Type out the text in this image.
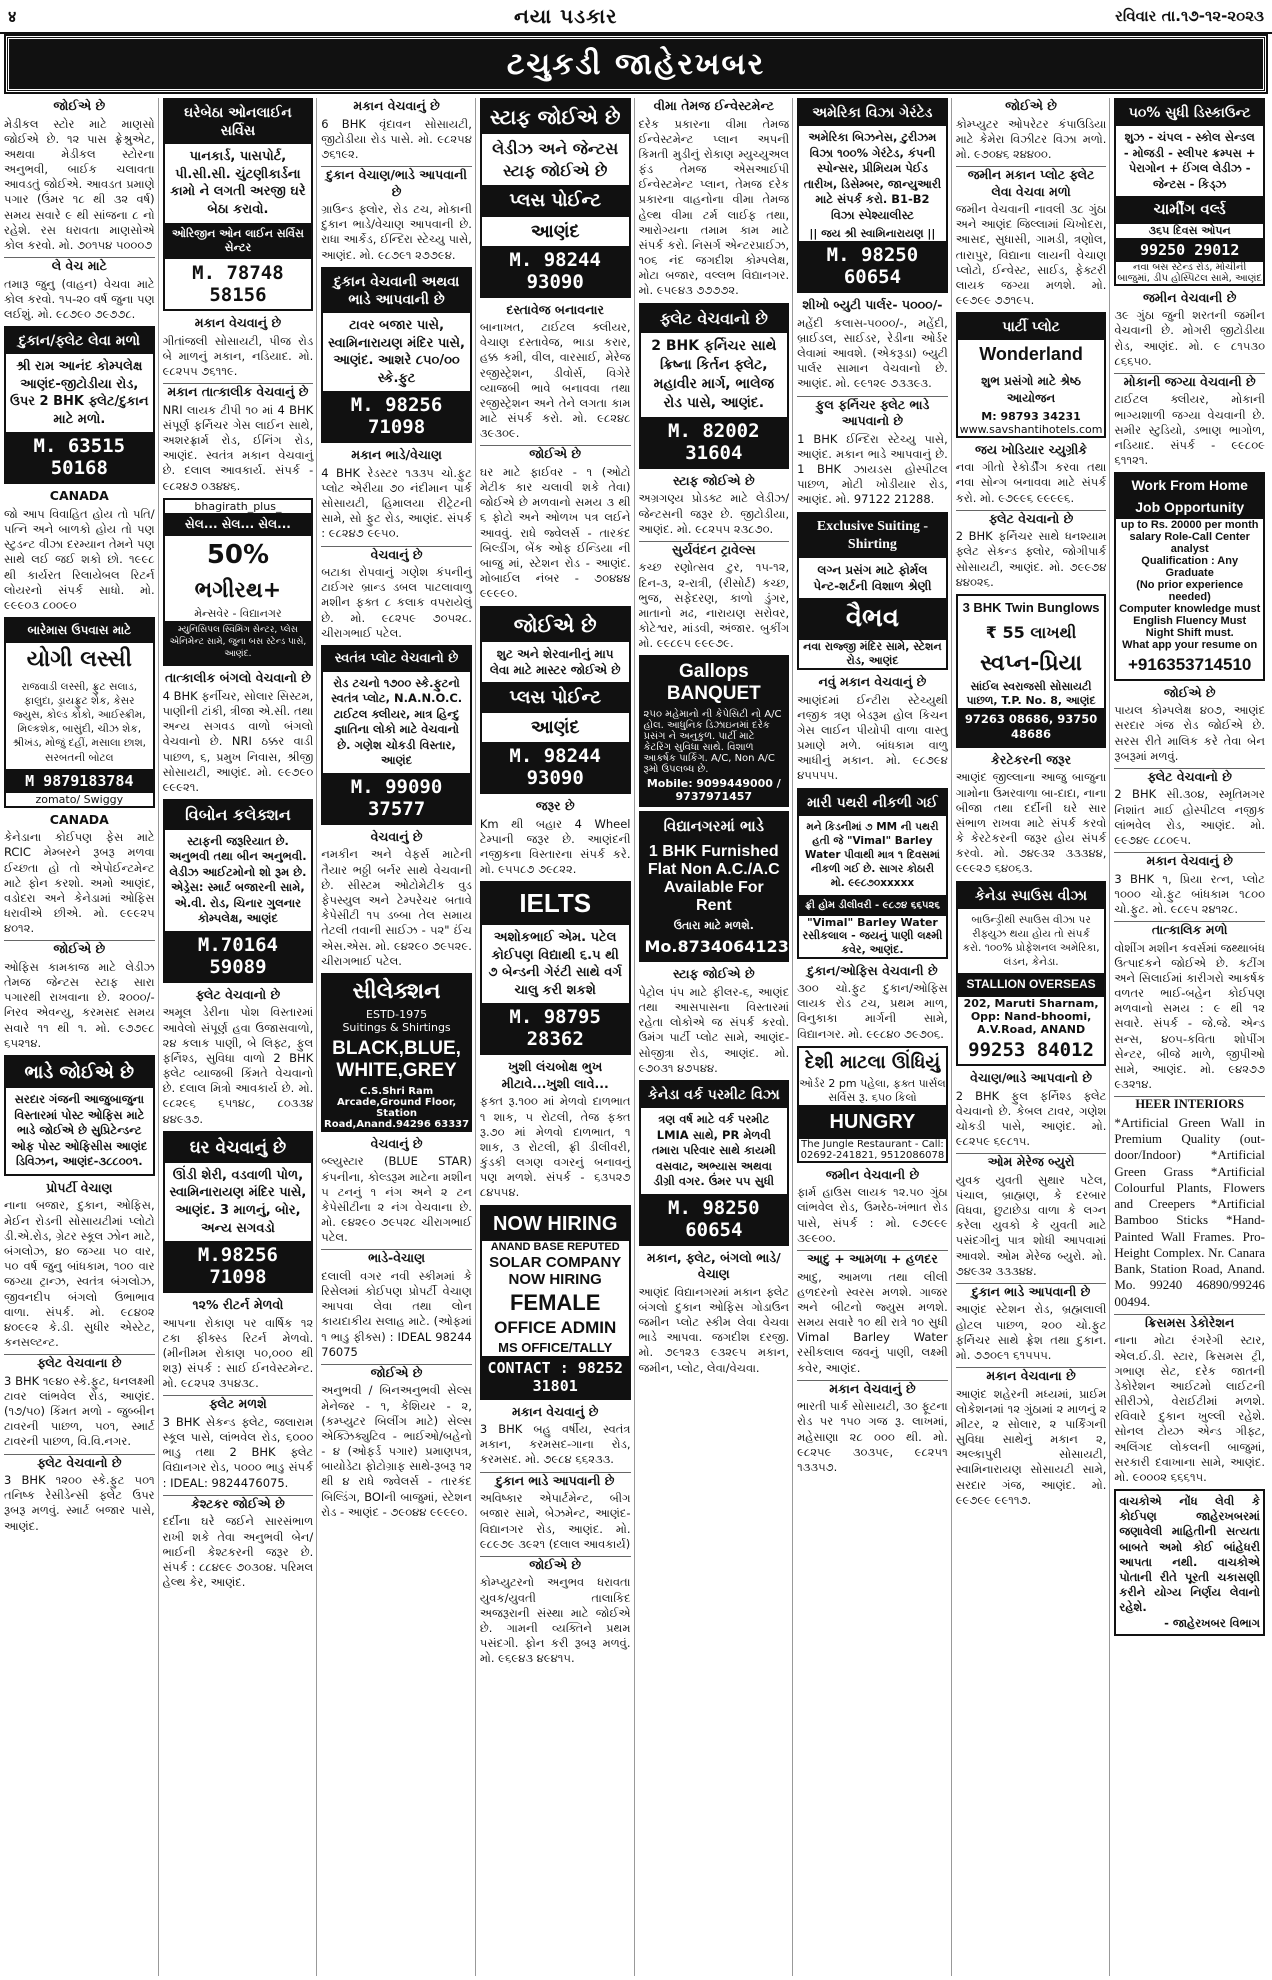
४	નયા પડકાર	રવિવાર તા.૧૭-૧૨-૨૦૨૩
ટચુકડી જાહેરખબર
જોઈએ છે
મેડીકલ સ્ટોર માટે માણસો જોઈએ છે. ૧૨ પાસ ફ્રેશ્રુએટ, અથવા મેડીકલ સ્ટોરના અનુભવી, બાઈક ચલાવતા આવડતું જોઈએ. આવડત પ્રમાણે પગાર (ઉંમર ૧૮ થી ૩૨ વર્ષ) સમય સવારે ૯ થી સાંજના ૮ નો રહેશે. રસ ધરાવતા માણસોએ કોલ કરવો. મો. ૭૦૧૫૪ ૫૦૦૦૭
લે વેચ માટે
તમારૂ જુનુ (વાહન) વેચવા માટે કોલ કરવો. ૧૫-૨૦ વર્ષ જુના પણ લઈશું. મો. ૯૮૭૯૦ ૭૯૭૭૮.
દુકાન/ફ્લેટ લેવા મળો
શ્રી રામ આનંદ કોમ્પલેક્ષ આણંદ-જીટોડીયા રોડ, ઉપર 2 BHK ફ્લેટ/દુકાન માટે મળો.
M. 63515 50168
CANADA
જો આપ વિવાહિત હોય તો પતિ/પત્નિ અને બાળકો હોય તો પણ સ્ટુડન્ટ વીઝા દરમ્યાન તેમને પણ સાથે લઈ જઈ શકો છો. ૧૯૯૮ થી કાર્યરત રિલાયેબલ રિટર્ન લોયરનો સંપર્ક સાધો. મો. ૯૯૯૦૩ ૮૦૦૯૦
બારેમાસ ઉપવાસ માટે
યોગી લસ્સી
રાજવાડી લસ્સી, ફ્રુટ સલાડ, ફાલુદા, ડ્રાયફ્રુટ શેક, કેસર જ્યુસ, કોલ્ડ કોકો, આઈસ્ક્રીમ, મિલ્કશેક, બાસુંદી, ચીઝ શેક, શ્રીખંડ, મોજું દહીં, મસાલા છાશ, સરબતની બોટલ
M 9879183784
zomato/ Swiggy
CANADA
કેનેડાના કોઈપણ ફેસ માટે RCIC મેમ્બરને રૂબરૂ મળવા ઈચ્છતા હો તો એપોઈન્ટમેન્ટ માટે ફોન કરશો. અમો આણંદ, વડોદરા અને કેનેડામાં ઓફિસ ધરાવીએ છીએ. મો. ૯૯૯૨૫ ૪૦૧૨.
જોઈએ છે
ઓફિસ કામકાજ માટે લેડીઝ તેમજ જેન્ટસ સ્ટાફ સારા પગારથી રાખવાના છે. ૨૦૦૦/- નિરવ એવન્યુ, કરમસદ સમય સવારે ૧૧ થી ૧. મો. ૯૭૭૯૮ ૬૫૨૧૪.
ભાડે જોઈએ છે
સરદાર ગંજની આજુબાજુના વિસ્તારમાં પોસ્ટ ઓફિસ માટે ભાડે જોઈએ છે સુપ્રિટેન્ડન્ટ ઓફ પોસ્ટ ઓફિસીસ આણંદ ડિવિઝન, આણંદ-૩૮૮૦૦૧.
પ્રોપર્ટી વેચાણ
નાના બજાર, દુકાન, ઓફિસ, મેઈન રોડની સોસાયટીમાં પ્લોટો ડી.એ.રોડ, ગ્રેટર સ્કૂલ ઝોન માટે, બંગલોઝ, ૪૦ જગ્યા ૫૦ વાર, ૫૦ વર્ષ જુનુ બાંધકામ, ૧૦૦ વાર જગ્યા ટ્રાન્ઝ, સ્વતંત્ર બંગલોઝ, જીવનદીપ બંગલો ઉભાભાવ વાળા. સંપર્ક. મો. ૯૮૪૦૨ ૪૦૯૯૨ કે.ડી. સુધીર એસ્ટેટ, કનસલ્ટન્ટ.
ફ્લેટ વેચવાના છે
3 BHK ૧૯૪૦ સ્કે.ફુટ, ધનલક્ષ્મી ટાવર લાંભવેલ રોડ, આણંદ. (૧૭/૫૦) કિંમત મળો - જુબ્બીન ટાવરની પાછળ, ૫૦૧, સ્માર્ટ ટાવરની પાછળ, વિ.વિ.નગર.
ફ્લેટ વેચવાનો છે
3 BHK ૧૨૦૦ સ્કે.ફુટ ૫૦૧ તનિષ્ક રેસીડેન્સી ફ્લેટ ઉપર રૂબરૂ મળવું. સ્માર્ટ બજાર પાસે, આણંદ.
ઘરેબેઠા ઓનલાઈન સર્વિસ
પાનકાર્ડ, પાસપોર્ટ, પી.સી.સી. ચુંટણીકાર્ડના કામો ને લગતી અરજી ઘરે બેઠા કરાવો.
ઓરિજીન ઓન લાઈન સર્વિસ સેન્ટર
M. 78748 58156
મકાન વેચવાનું છે
ગીતાંજલી સોસાયટી, પીજ રોડ બે માળનું મકાન, નડિયાદ. મો. ૯૮૨૫૫ ૭૬૧૧૯.
મકાન તાત્કાલીક વેચવાનું છે
NRI લાયક ટીપી ૧૦ માં 4 BHK સંપૂર્ણ ફર્નિચર ગેસ લાઈન સાથે, અશરફ્રાર્મ રોડ, ઈનિંગ રોડ, આણંદ. સ્વતંત્ર મકાન વેચવાનું છે. દલાલ આવકાર્ય. સંપર્ક - ૯૮૨૪૭ ૦૩૪૪૬.
bhagirath_plus_
સેલ... સેલ... સેલ...
50%
ભગીરથ+
મેન્સવેર - વિદ્યાનગર
મ્યુનિસિપલ સ્વિમિંગ સેન્ટર, પ્લેસ એનિમેન્ટ સામે, જુના બસ સ્ટેન્ડ પાસે, આણંદ.
તાત્કાલીક બંગલો વેચવાનો છે
4 BHK ફર્નીચર, સોલાર સિસ્ટમ, પાણીની ટાંકી, ત્રીજા એ.સી. તથા અન્ય સગવડ વાળો બંગલો વેચવાનો છે. NRI ઠક્કર વાડી પાછળ, ૬, પ્રમુખ નિવાસ, શ્રીજી સોસાયટી, આણંદ. મો. ૯૯૭૯૦ ૯૯૯૨૧.
વિબોન કલેક્શન
સ્ટાફની જરૂરિયાત છે. અનુભવી તથા બીન અનુભવી. લેડીઝ આઈટમોનો શો રૂમ છે. એડ્રેસ: સ્માર્ટ બજારની સામે, એ.વી. રોડ, ચિનાર ગુલનાર કોમ્પલેક્ષ, આણંદ
M.70164 59089
ફ્લેટ વેચવાનો છે
અમૂલ ડેરીના પોશ વિસ્તારમાં આવેલો સંપૂર્ણ હવા ઉજાસવાળો, ૨૪ કલાક પાણી, બે લિફ્ટ, ફુલ ફર્નિશ્ડ, સુવિધા વાળો 2 BHK ફ્લેટ વ્યાજબી કિંમતે વેચવાનો છે. દલાલ મિત્રો આવકાર્ય છે. મો. ૯૮૨૯૬ ૬૫૧૪૮, ૮૦૩૩૪ ૪૪૯૩૭.
ઘર વેચવાનું છે
ઊંડી શેરી, વડવાળી પોળ, સ્વામિનારાયણ મંદિર પાસે, આણંદ. 3 માળનું, બોર, અન્ય સગવડો
M.98256 71098
૧૨% રીટર્ન મેળવો
આપના રોકાણ પર વાર્ષિક ૧૨ ટકા ફીક્સ્ડ રિટર્ન મેળવો. (મીનીમમ રોકાણ ૫૦,૦૦૦ થી શરૂ) સંપર્ક : સાઈ ઈનવેસ્ટમેન્ટ. મો. ૯૮૨૫૨ ૩૫૪૩૮.
ફ્લેટ મળશે
3 BHK સેકન્ડ ફ્લેટ, જલારામ સ્કૂલ પાસે, લાંભવેલ રોડ, ૬૦૦૦ ભાડુ તથા 2 BHK ફ્લેટ વિદ્યાનગર રોડ, ૫૦૦૦ ભાડુ સંપર્ક : IDEAL: 9824476075.
કેશ્ટકર જોઈએ છે
દર્દીના ઘરે જઈને સારસંભાળ રાખી શકે તેવા અનુભવી બેન/ ભાઈની કેશ્ટકરની જરૂર છે. સંપર્ક : ૮૮૪૯૯ ૭૦૩૦૪. પરિમલ હેલ્થ કેર, આણંદ.
મકાન વેચવાનું છે
6 BHK વૃંદાવન સોસાયટી, જીટોડીયા રોડ પાસે. મો. ૯૮૨૫૪ ૭૬૧૯૨.
દુકાન વેચાણ/ભાડે આપવાની છે
ગ્રાઉન્ડ ફ્લોર, રોડ ટચ, મોકાની દુકાન ભાડે/વેચાણ આપવાની છે. રાધા આર્કેડ, ઈન્દિરા સ્ટેચ્યુ પાસે, આણંદ. મો. ૯૮૭૯૧ ૨૭૭૯૪.
દુકાન વેચવાની અથવા ભાડે આપવાની છે
ટાવર બજાર પાસે, સ્વામિનારાયણ મંદિર પાસે, આણંદ. આશરે ૮૫૦/૦૦ સ્કે.ફુટ
M. 98256 71098
મકાન ભાડે/વેચાણ
4 BHK રેડસ્ટર ૧૩૩૫ ચો.ફુટ પ્લોટ એરીયા ૭૦ નંદીમાન પાર્ક સોસાયટી, હિમાલયા રીટ્રેટની સામે, સો ફુટ રોડ, આણંદ. સંપર્ક : ૯૮૨૪૭ ૯૯૫૦.
વેચવાનું છે
બટાકા રોપવાનું ગણેશ કંપનીનું ટાઈગર બ્રાન્ડ ડબલ પાટલાવાળુ મશીન ફક્ત ૮ કલાક વપરાયેલું છે. મો. ૯૮૨૫૯ ૭૦૫૨૮. ચીરાગભાઈ પટેલ.
સ્વતંત્ર પ્લોટ વેચવાનો છે
રોડ ટચનો ૧૭૦૦ સ્કે.ફુટનો સ્વતંત્ર પ્લોટ, N.A.N.O.C. ટાઈટલ ક્લીયર, માત્ર હિન્દુ જ્ઞાતિના લોકો માટે વેચવાનો છે. ગણેશ ચોકડી વિસ્તાર, આણંદ
M. 99090 37577
વેચવાનું છે
નમકીન અને વેફર્સ માટેની તૈયાર ભઠ્ઠી બર્નર સાથે વેચવાની છે. સીસ્ટમ ઓટોમેટીક વુડ ફેપસ્યુલ અને ટેમ્પરેચર બતાવે કેપેસીટી ૧૫ ડબ્બા તેલ સમાય તેટલી તવાની સાઈઝ - ૫૨" ઈંચ એસ.એસ. મો. ૯૪૨૯૦ ૭૯૫૨૯. ચીરાગભાઈ પટેલ.
સીલેક્શન
ESTD-1975
Suitings & Shirtings
BLACK,BLUE, WHITE,GREY
C.S.Shri Ram Arcade,Ground Floor, Station Road,Anand.94296 63337
વેચવાનું છે
બ્લ્યુસ્ટાર (BLUE STAR) કંપનીના, કોલ્ડરૂમ માટેના મશીન ૫ ટનનું ૧ નંગ અને ૨ ટન કેપેસીટીના ૨ નંગ વેચવાના છે. મો. ૯૪૨૯૦ ૭૯૫૨૮ ચીરાગભાઈ પટેલ.
ભાડે-વેચાણ
દલાલી વગર નવી સ્કીમમાં કે રિસેલમાં કોઈપણ પ્રોપર્ટી વેચાણ આપવા લેવા તથા લોન કાયદાકીય સલાહ માટે. (ઓફમાં ૧ ભાડુ ફીક્સ) : IDEAL 98244 76075
જોઈએ છે
અનુભવી / બિનઅનુભવી સેલ્સ મેનેજર - ૧, કેશિયર - ૨, (કમ્પ્યુટર બિલીંગ માટે) સેલ્સ એક્ઝિક્યુટિવ - ભાઈઓ/બહેનો - ૪ (ઓફર્ડ પગાર) પ્રમાણપત્ર, બાયોડેટા ફોટોગ્રાફ સાથે-રૂબરૂ ૧૨ થી ૪ રાધે જ્વેલર્સ - તારકંદ બિલ્ડિંગ, BOIની બાજુમાં, સ્ટેશન રોડ - આણંદ - ૭૯૦૪૪ ૯૯૯૯૦.
સ્ટાફ જોઈએ છે
લેડીઝ અને જેન્ટસ સ્ટાફ જોઈએ છે
પ્લસ પોઈન્ટ
આણંદ
M. 98244 93090
દસ્તાવેજ બનાવનાર
બાનાખત, ટાઈટલ ક્લીયર, વેચાણ દસ્તાવેજ, ભાડા કરાર, હક્ક કમી, વીલ, વારસાઈ, મેરેજ રજીસ્ટ્રેશન, ડીવોર્સ, વિગેરે વ્યાજબી ભાવે બનાવવા તથા રજીસ્ટ્રેશન અને તેને લગતા કામ માટે સંપર્ક કરો. મો. ૯૮૨૪૮ ૩૯૩૦૯.
જોઈએ છે
ઘર માટે ફાઈવર - ૧ (ઓટો મેટીક કાર ચલાવી શકે તેવા) જોઈએ છે મળવાનો સમય ૩ થી ૬ ફોટો અને ઓળખ પત્ર લઈને આવવું. રાધે જ્વેલર્સ - તારકંદ બિલ્ડીંગ, બેંક ઓફ ઈન્ડિયા ની બાજુ માં, સ્ટેશન રોડ - આણંદ. મોબાઈલ નંબર - ૭૦૪૪૪ ૯૯૯૯૦.
જોઈએ છે
શુટ અને શેરવાનીનું માપ લેવા માટે માસ્ટર જોઈએ છે
પ્લસ પોઈન્ટ
આણંદ
M. 98244 93090
જરૂર છે
Km થી બહાર 4 Wheel ટેમ્પાની જરૂર છે. આણંદની નજીકના વિસ્તારના સંપર્ક કરે. મો. ૯૫૫૮૭ ૭૯૮૨૨.
IELTS
અશોકભાઈ એમ. પટેલ કોઈપણ વિદ્યાથી ૬.૫ થી ૭ બેન્ડની ગેરંટી સાથે વર્ગ ચાલુ કરી શકશે
M. 98795 28362
ખુશી લંચબોક્ષ ભુખ મીટાવે...ખુશી લાવે...
ફક્ત રૂ.૧૦૦ માં મેળવો દાળભાત ૧ શાક, ૫ રોટલી, તેજ ફક્ત રૂ.૭૦ માં મેળવો દાળભાત, ૧ શાક, ૩ રોટલી, ફ્રી ડીલીવરી, કુંડકી લગણ વગરનું બનાવનું પણ મળશે. સંપર્ક - ૬૩૫૨૭ ૮૪૫૫૪.
NOW HIRING
ANAND BASE REPUTED
SOLAR COMPANY NOW HIRING
FEMALE
OFFICE ADMIN
MS OFFICE/TALLY
CONTACT : 98252 31801
મકાન વેચવાનું છે
3 BHK બહુ વર્ષીય, સ્વતંત્ર મકાન, કરમસદ-ગાના રોડ, કરમસદ. મો. ૭૯૮૪ ૬૬૨૩૩.
દુકાન ભાડે આપવાની છે
અવિષ્કાર એપાર્ટમેન્ટ, બીગ બજાર સામે, બેઝમેન્ટ, આણંદ-વિદ્યાનગર રોડ, આણંદ. મો. ૯૮૯૭૯ ૩૯૨૧ (દલાલ આવકાર્ય)
જોઈએ છે
કોમ્પ્યુટરનો અનુભવ ધરાવતા યુવક/યુવતી તાલાકિદ અજરૂરાની સંસ્થા માટે જોઈએ છે. ગામની વ્યક્તિને પ્રથમ પસંદગી. ફોન કરી રૂબરૂ મળવું. મો. ૯૬૯૪૩ ૪૯૪૧૫.
વીમા તેમજ ઈન્વેસ્ટમેન્ટ
દરેક પ્રકારના વીમા તેમજ ઈન્વેસ્ટમેન્ટ પ્લાન અપની કિમતી મુડીનું રોકાણ મ્યુચ્યુઅલ ફંડ તેમજ એસઆઈપી ઈન્વેસ્ટમેન્ટ પ્લાન, તેમજ દરેક પ્રકારના વાહનોના વીમા તેમજ હેલ્થ વીમા ટર્મ લાઈફ તથા, આરોગ્યના તમામ કામ માટે સંપર્ક કરો. નિસર્ગ એન્ટરપ્રાઈઝ, ૧૦૬ નંદ જગદીશ કોમ્પલેક્ષ, મોટા બજાર, વલ્લભ વિદ્યાનગર. મો. ૯૫૯૪૩ ૭૭૭૭૨.
ફ્લેટ વેચવાનો છે
2 BHK ફર્નિચર સાથે ક્રિષ્ના કિર્તન ફ્લેટ, મહાવીર માર્ગ, ભાલેજ રોડ પાસે, આણંદ.
M. 82002 31604
સ્ટાફ જોઈએ છે
અગ્રગણ્ય પ્રોડક્ટ માટે લેડીઝ/જેન્ટસની જરૂર છે. જીટોડીયા, આણંદ. મો. ૯૮૨૫૫ ૨૩૮૭૦.
સુર્યવંદન ટ્રાવેલ્સ
કચ્છ રણોત્સવ ટુર, ૧૫-૧૨, દિન-૩, ૨-રાત્રી, (રીસોર્ટ) કચ્છ, ભુજ, સફેદરણ, કાળો ડુંગર, માતાનો મઢ, નારાયણ સરોવર, કોટેશ્વર, માંડવી, અંજાર. બુકીંગ મો. ૯૯૮૯૫ ૯૯૯૭૯.
Gallops BANQUET
૨૫૦ મહેમાનો ની કેપેસિટી નો A/C હોલ. આધુનિક ડિઝાઇનમાં દરેક પ્રસંગ ને અનુકુળ. પાર્ટી માટે કેટરિંગ સુવિધા સાથે. વિશાળ આકર્ષક પાર્કિંગ. A/C, Non A/C રૂમો ઉપલબ્ધ છે.
Mobile: 9099449000 / 9737971457
વિદ્યાનગરમાં ભાડે
1 BHK Furnished Flat Non A.C./A.C Available For Rent
ઉતારા માટે મળશે.
Mo.8734064123
સ્ટાફ જોઈએ છે
પેટ્રોલ પંપ માટે ફીલર-૬, આણંદ તથા આસપાસના વિસ્તારમાં રહેતા લોકોએ જ સંપર્ક કરવો. ઉમંગ પાર્ટી પ્લોટ સામે, આણંદ-સોજીત્રા રોડ, આણંદ. મો. ૯૭૦૩૧ ૪૭૫૪૪.
કેનેડા વર્ક પરમીટ વિઝા
ત્રણ વર્ષ માટે વર્ક પરમીટ LMIA સાથે, PR મેળવી તમારા પરિવાર સાથે કાયમી વસવાટ, અભ્યાસ અથવા ડીગ્રી વગર. ઉંમર ૫૫ સુધી
M. 98250 60654
મકાન, ફ્લેટ, બંગલો ભાડે/વેચાણ
આણંદ વિદ્યાનગરમાં મકાન ફ્લેટ બંગલો દુકાન ઓફિસ ગોડાઉન જમીન પ્લોટ સ્કીમ લેવા વેચવા ભાડે આપવા. જગદીશ દરજી. મો. ૭૯૧૨૩ ૯૩૨૯૫ મકાન, જમીન, પ્લોટ, લેવા/વેચવા.
અમેરિકા વિઝા ગેરંટેડ
અમેરિકા બિઝનેસ, ટુરીઝમ વિઝા ૧૦૦% ગેરંટેડ, કંપની સ્પોન્સર, પ્રીમિયમ પેઈડ તારીખ, ડિસેમ્બર, જાન્યુઆરી માટે સંપર્ક કરો. B1-B2 વિઝા સ્પેશ્યાલીસ્ટ
|| જય શ્રી સ્વામિનારાયણ ||
M. 98250 60654
શીખો બ્યુટી પાર્લર- ૫૦૦૦/-
મહેંદી કલાસ-૫૦૦૦/-, મહેંદી, બ્રાઈડલ, સાઈડર, રેડીના ઓર્ડર લેવામાં આવશે. (એકરૂડા) બ્યુટી પાર્લર સામાન વેચવાનો છે. આણંદ. મો. ૯૯૧૨૯ ૭૩૩૯૩.
ફુલ ફર્નિચર ફ્લેટ ભાડે આપવાનો છે
1 BHK ઈન્દિરા સ્ટેચ્યુ પાસે, આણંદ. મકાન ભાડે આપવાનું છે. 1 BHK ઝાયડસ હોસ્પીટલ પાછળ, મોટી ખોડીયાર રોડ, આણંદ. મો. 97122 21288.
Exclusive Suiting - Shirting
લગ્ન પ્રસંગ માટે ફોર્મલ પેન્ટ-શર્ટની વિશાળ શ્રેણી
વૈભવ
નવા રાજ્જી મંદિર સામે, સ્ટેશન રોડ, આણંદ
નવું મકાન વેચવાનું છે
આણંદમાં ઈન્ટીરા સ્ટેચ્યુથી નજીક ત્રણ બેડરૂમ હોલ કિચન ગેસ લાઈન પીયોપી વાળા વાસ્તુ પ્રમાણે મળે. બાંધકામ વાળુ આધીનું મકાન. મો. ૯૮૭૯૪ ૪૫૫૫૫.
મારી પથરી નીકળી ગઈ
મને કિડનીમાં ૭ MM ની પથરી હતી જે "Vimal" Barley Water પીવાથી માત્ર ૧ દિવસમાં નીકળી ગઈ છે. સાગર કોઠારી મો. ૯૯૮૭૦xxxxx
ફ્રી હોમ ડીલીવરી - ૯૮૭૪ ૬૬૫૨૬
"Vimal" Barley Water રસીકલાલ - જયનું પાણી લક્ષ્મી કવેર, આણંદ.
દુકાન/ઓફિસ વેચવાની છે
૩૦૦ ચો.ફુટ દુકાન/ઓફિસ લાયક રોડ ટચ, પ્રથમ માળ, વિનુકાકા માર્ગની સામે, વિદ્યાનગર. મો. ૯૯૮૪૦ ૭૯૭૦૬.
દેશી માટલા ઊંધિયું
ઓર્ડર 2 pm પહેલા, ફક્ત પાર્સલ સર્વિસ રૂ. ૬૫૦ કિલો
HUNGRY
The Jungle Restaurant - Call: 02692-241821, 9512086078
જમીન વેચવાની છે
ફાર્મ હાઉસ લાયક ૧૨.૫૦ ગુંઠા લાંભવેલ રોડ, ઉમરેઠ-ખંભાત રોડ પાસે, સંપર્ક : મો. ૯૭૯૯૯ ૩૯૯૦૦.
આદુ + આમળા + હળદર
આદુ, આમળા તથા લીલી હળદરનો સ્વરસ મળશે. ગાજર અને બીટનો જ્યુસ મળશે. સમય સવારે ૧૦ થી રાત્રે ૧૦ સુધી Vimal Barley Water રસીકલાલ જવનું પાણી, લક્ષ્મી કવેર, આણંદ.
મકાન વેચવાનું છે
ભારતી પાર્ક સોસાયટી, ૩૦ ફૂટના રોડ પર ૧૫૦ ગજ રૂ. લાખમાં, મહેસાણા ૨૮ ૦૦૦ થી. મો. ૯૮૨૫૯ ૩૦૩૫૯, ૯૮૨૫૧ ૧૩૩૫૭.
જોઈએ છે
કોમ્પ્યુટર ઓપરેટર કંપાઉડિયા માટે કેમેરા વિઝીટર વિઝા મળો. મો. ૯૭૦૪૬ ૨૪૪૦૦.
જમીન મકાન પ્લોટ ફ્લેટ લેવા વેચવા મળો
જમીન વેચવાની નાવલી ૩૮ ગુંઠા અને આણંદ જિલ્લામાં ચિખોદરા, આસદ, સુધાસી, ગામડી, ત્રણોલ, તારાપુર, વિદ્યાના લાયની વેચાણ પ્લોટો, ઈન્વેસ્ટ, સાઈડ, ફેક્ટરી લાયક જગ્યા મળશે. મો. ૯૯૭૯૯ ૭૭૧૯૫.
પાર્ટી પ્લોટ
Wonderland
શુભ પ્રસંગો માટે શ્રેષ્ઠ આયોજન
M: 98793 34231
www.savshantihotels.com
જય ખોડિયાર ચ્યુગ્રીકે
નવા ગીતો રેકોર્ડીંગ કરવા તથા નવા સોન્ગ બનાવવા માટે સંપર્ક કરો. મો. ૯૭૯૯૬ ૯૯૯૯૬.
ફ્લેટ વેચવાનો છે
2 BHK ફર્નિચર સાથે ધનશ્યામ ફ્લેટ સેકન્ડ ફ્લોર, જોગીપાર્ક સોસાયટી, આણંદ. મો. ૭૯૯૭૪ ૪૪૦૨૬.
3 BHK Twin Bunglows
₹ 55 લાખથી
સ્વપ્ન-પ્રિયા
સાંઈલ સ્વરાજસી સોસાયટી પાછળ, T.P. No. 8, આણંદ
97263 08686, 93750 48686
કેરટેકરની જરૂર
આણંદ જીલ્લાના આજુ બાજુના ગામોના ઉમરવાળા બા-દાદા, નાના બીજા તથા દર્દીની ઘરે સાર સંભાળ રાખવા માટે સંપર્ક કરવો કે કેરટેકરની જરૂર હોય સંપર્ક કરવો. મો. ૭૪૯૩૨ ૩૩૩૪૪, ૯૯૯૨૭ ૬૪૦૬૩.
કેનેડા સ્પાઉસ વીઝા
બાઉન્ડ્રીથી સ્પાઉસ વીઝા પર રીફ્યુઝ થયા હોય તો સંપર્ક કરો. ૧૦૦% પ્રોફેશનલ અમેરિકા, લંડન, કેનેડા.
STALLION OVERSEAS
202, Maruti Sharnam, Opp: Nand-bhoomi, A.V.Road, ANAND
99253 84012
વેચાણ/ભાડે આપવાનો છે
2 BHK ફુલ ફર્નિશ્ડ ફ્લેટ વેચવાનો છે. કેબલ ટાવર, ગણેશ ચોકડી પાસે, આણંદ. મો. ૯૮૨૫૯ ૬૯૮૧૫.
ઓમ મેરેજ બ્યુરો
યુવક યુવતી સુથાર પટેલ, પંચાલ, બ્રાહ્મણ, કે દરબાર વિધવા, છુટાછેડા વાળા કે લગ્ન કરેલા યુવકો કે યુવતી માટે પસંદગીનું પાત્ર શોધી આપવામાં આવશે. ઓમ મેરેજ બ્યુરો. મો. ૭૪૯૩૨ ૩૩૩૪૪.
દુકાન ભાડે આપવાની છે
આણંદ સ્ટેશન રોડ, બ્રહ્મલાલી હોટલ પાછળ, ૨૦૦ ચો.ફુટ ફર્નિચર સાથે ફ્રેશ તથા દુકાન. મો. ૭૭૦૯૧ ૬૧૫૫૫.
મકાન વેચવાના છે
આણંદ શહેરની મધ્યમાં, પ્રાઈમ લોકેશનમાં ૧૨ ગુંઠામાં ૨ માળનું ૨ મીટર, ૨ સોલાર, ૨ પાર્કિંગની સુવિધા સાથેનું મકાન ૨, અલ્કાપુરી સોસાયટી, સ્વામિનારાયણ સોસાયટી સામે, સરદાર ગંજ, આણંદ. મો. ૯૯૭૯૯ ૯૯૧૧૭.
૫૦% સુધી ડિસ્કાઉન્ટ
શુઝ - ચંપલ - સ્કોલ સેન્ડલ - મોજડી - સ્લીપર ક્રમ્પસ + પેરાગોન + ઈંગલ લેડીઝ - જેન્ટસ - કિડ્ઝ
ચાર્મીંગ વર્લ્ડ
૩૬૫ દિવસ ઓપન
99250 29012
નવા બસ સ્ટેન્ડ રોડ, મોચીની બાજુમાં, ડીપ હોસ્પિટલ સામે, આણંદ
જમીન વેચવાની છે
૩૯ ગુંઠા જુની શરતની જમીન વેચવાની છે. મોગરી જીટોડીયા રોડ, આણંદ. મો. ૯ ૮૧૫૩૦ ૮૬૬૫૦.
મોકાની જગ્યા વેચવાની છે
ટાઈટલ ક્લીયર, મોકાની ભાગ્યશાળી જગ્યા વેચવાની છે. સમીર સ્ટુડિયો, ડભાણ ભાગોળ, નડિયાદ. સંપર્ક - ૯૯૮૦૯ ૬૧૧૨૧.
Work From Home
Job Opportunity
up to Rs. 20000 per month
salary Role-Call Center analyst
Qualification : Any Graduate
(No prior experience needed)
Computer knowledge must
English Fluency Must
Night Shift must.
What app your resume on
+916353714510
જોઈએ છે
પાયલ કોમ્પલેક્ષ ૪૦૭, આણંદ સરદાર ગંજ રોડ જોઈએ છે. સરસ રીતે માલિક કરે તેવા બેન રૂબરૂમાં મળવું.
ફ્લેટ વેચવાનો છે
2 BHK સી.૩૦૪, સ્મૃતિમગર નિશાંત માઈ હોસ્પીટલ નજીક લાંભવેલ રોડ, આણંદ. મો. ૯૯૭૪૯ ૮૮૦૯૫.
મકાન વેચવાનું છે
3 BHK ૧, પ્રિયા રત્ન, પ્લોટ ૧૦૦૦ ચો.ફુટ બાંધકામ ૧૮૦૦ ચો.ફુટ. મો. ૯૮૯૫ ૨૪૧૨૮.
તાત્કાલિક મળો
વોશીંગ મશીન કવર્સમાં જથ્થાબંધ ઉત્પાદકને જોઈએ છે. કટીંગ અને સિલાઈમાં કારીગરો આકર્ષક વળતર ભાઈ-બહેન કોઈપણ મળવાનો સમય : ૯ થી ૧૨ સવારે. સંપર્ક - જે.જે. એન્ડ સન્સ, ૪૦૫-કવિતા શોપીંગ સેન્ટર, બીજે માળે, જીપીઓ સામે, આણંદ. મો. ૯૪૨૭૭ ૯૩૨૧૪.
HEER INTERIORS
*Artificial Green Wall in Premium Quality (out-door/Indoor) *Artificial Green Grass *Artificial Colourful Plants, Flowers and Creepers *Artificial Bamboo Sticks *Hand-Painted Wall Frames. Pro-Height Complex. Nr. Canara Bank, Station Road, Anand. Mo. 99240 46890/99246 00494.
ક્રિસમસ ડેકોરેશન
નાના મોટા રંગરેગી સ્ટાર, એલ.ઈ.ડી. સ્ટાર, ક્રિસમસ ટ્રી, ગભાણ સેટ, દરેક જાતની ડેકોરેશન આઈટમો લાઈટની સીરીઝો, વેરાઈટીમાં મળશે. રવિવારે દુકાન ખુલ્લી રહેશે. સોનલ ટોય્ઝ એન્ડ ગીફ્ટ, અલિંગદ લોકલની બાજુમાં, સરકારી દવાખાના સામે, આણંદ. મો. ૯૦૦૦૨ ૬૬૬૧૫.
વાચકોએ નોંધ લેવી કે કોઈપણ જાહેરખબરમાં જણાવેલી માહિતીની સત્યતા બાબતે અમો કોઈ બાંહેધરી આપતા નથી. વાચકોએ પોતાની રીતે પૂરતી ચકાસણી કરીને યોગ્ય નિર્ણય લેવાનો રહેશે.
- જાહેરખબર વિભાગ
